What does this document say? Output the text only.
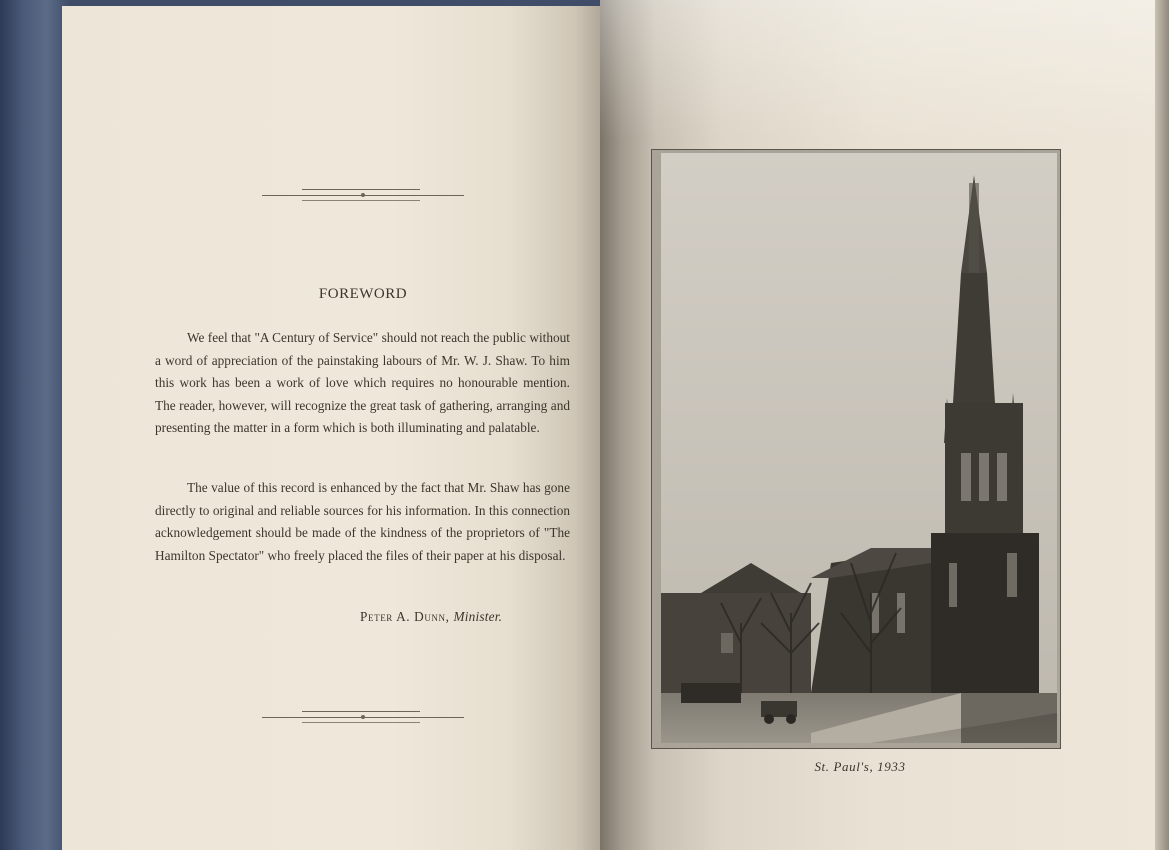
FOREWORD
We feel that "A Century of Service" should not reach the public without a word of appreciation of the painstaking labours of Mr. W. J. Shaw. To him this work has been a work of love which requires no honourable mention. The reader, however, will recognize the great task of gathering, arranging and presenting the matter in a form which is both illuminating and palatable.
The value of this record is enhanced by the fact that Mr. Shaw has gone directly to original and reliable sources for his information. In this connection acknowledgement should be made of the kindness of the proprietors of "The Hamilton Spectator" who freely placed the files of their paper at his disposal.
Peter A. Dunn, Minister.
St. Paul's, 1933
